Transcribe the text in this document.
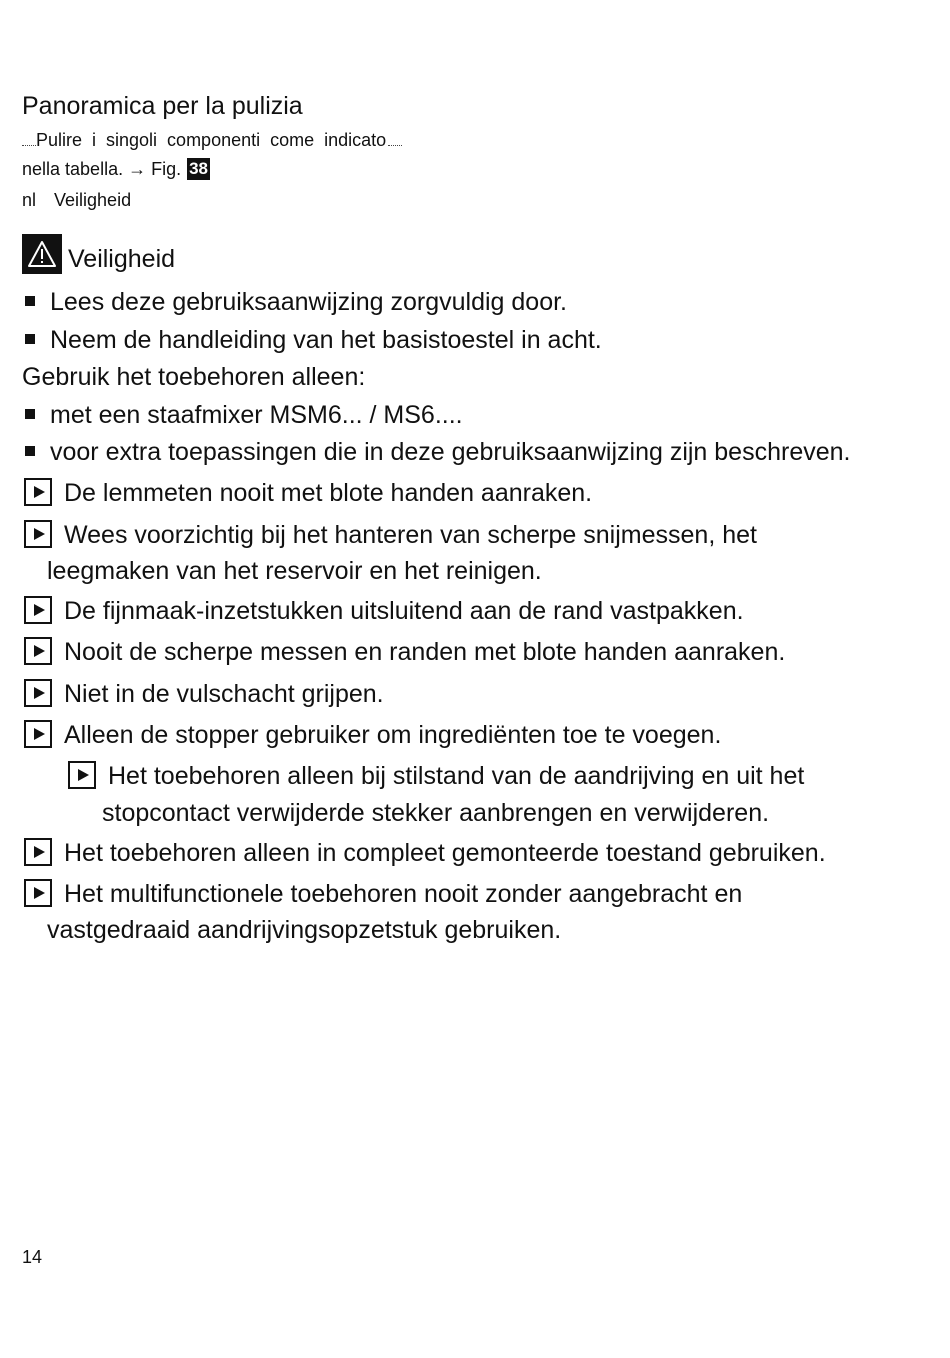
Panoramica per la pulizia
Pulire  i  singoli  componenti  come  indicato
nella tabella. → Fig. 38
nl Veiligheid
Veiligheid
Lees deze gebruiksaanwijzing zorgvuldig door.
Neem de handleiding van het basistoestel in acht.
Gebruik het toebehoren alleen:
met een staafmixer MSM6... / MS6....
voor extra toepassingen die in deze gebruiksaanwijzing zijn beschreven.
De lemmeten nooit met blote handen aanraken.
Wees voorzichtig bij het hanteren van scherpe snijmessen, het
leegmaken van het reservoir en het reinigen.
De fijnmaak-inzetstukken uitsluitend aan de rand vastpakken.
Nooit de scherpe messen en randen met blote handen aanraken.
Niet in de vulschacht grijpen.
Alleen de stopper gebruiker om ingrediënten toe te voegen.
Het toebehoren alleen bij stilstand van de aandrijving en uit het
stopcontact verwijderde stekker aanbrengen en verwijderen.
Het toebehoren alleen in compleet gemonteerde toestand gebruiken.
Het multifunctionele toebehoren nooit zonder aangebracht en
vastgedraaid aandrijvingsopzetstuk gebruiken.
14
